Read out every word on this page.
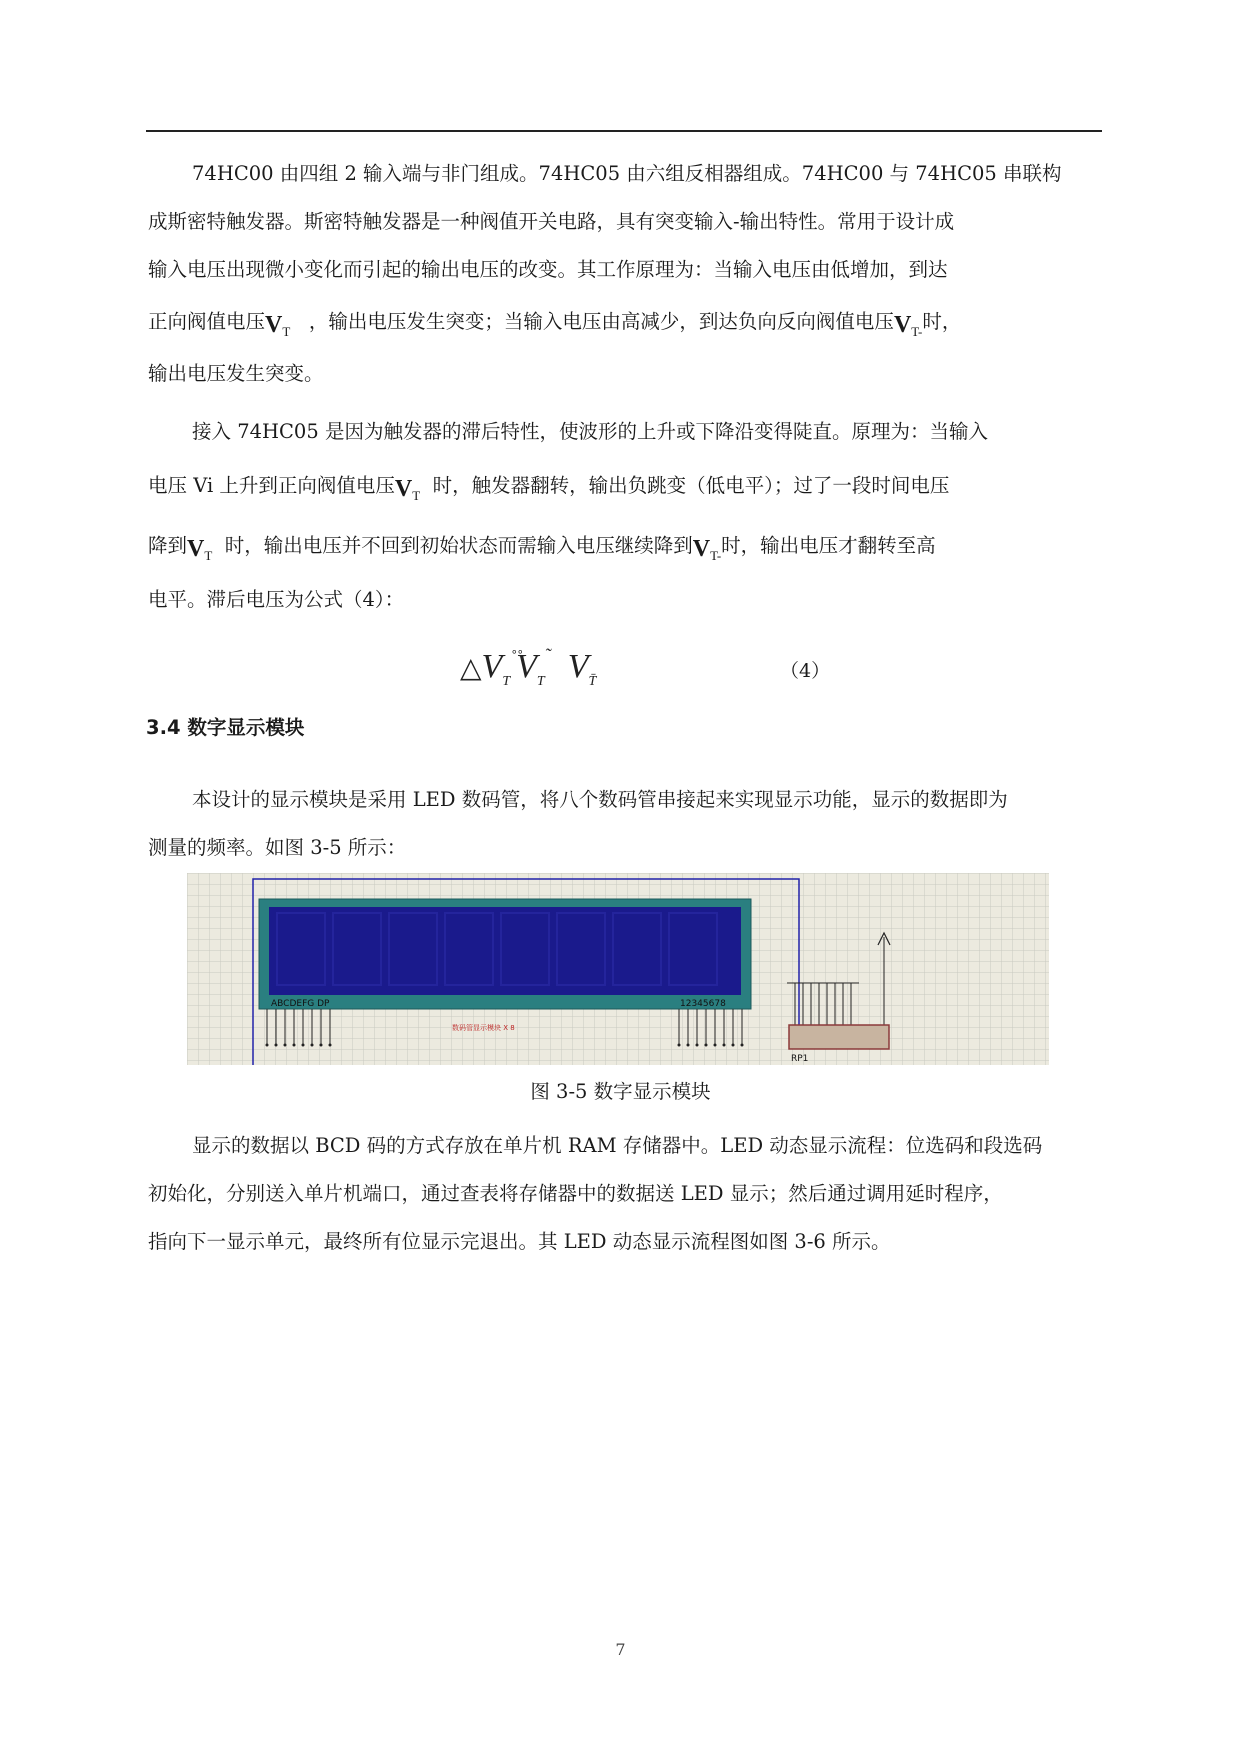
74HC00 由四组 2 输入端与非门组成。74HC05 由六组反相器组成。74HC00 与 74HC05 串联构
成斯密特触发器。斯密特触发器是一种阀值开关电路，具有突变输入-输出特性。常用于设计成
输入电压出现微小变化而引起的输出电压的改变。其工作原理为：当输入电压由低增加，到达
正向阀值电压$V_T$ ，输出电压发生突变；当输入电压由高减少，到达负向反向阀值电压$V_{T-}$时，
输出电压发生突变。
接入 74HC05 是因为触发器的滞后特性，使波形的上升或下降沿变得陡直。原理为：当输入
电压 Vi 上升到正向阀值电压$V_T$ 时，触发器翻转，输出负跳变（低电平）；过了一段时间电压
降到$V_T$ 时，输出电压并不回到初始状态而需输入电压继续降到$V_{T-}$时，输出电压才翻转至高
电平。滞后电压为公式（4）：
$\triangle V_T^{˚̊}V_T^˜$ $V_{T̄}$	（4）
3.4 数字显示模块
本设计的显示模块是采用 LED 数码管，将八个数码管串接起来实现显示功能，显示的数据即为
测量的频率。如图 3-5 所示：
ABCDEFG DP	12345678
数码管显示模块 X 8
RP1
图 3-5 数字显示模块
显示的数据以 BCD 码的方式存放在单片机 RAM 存储器中。LED 动态显示流程：位选码和段选码
初始化，分别送入单片机端口，通过查表将存储器中的数据送 LED 显示；然后通过调用延时程序，
指向下一显示单元，最终所有位显示完退出。其 LED 动态显示流程图如图 3-6 所示。
7
